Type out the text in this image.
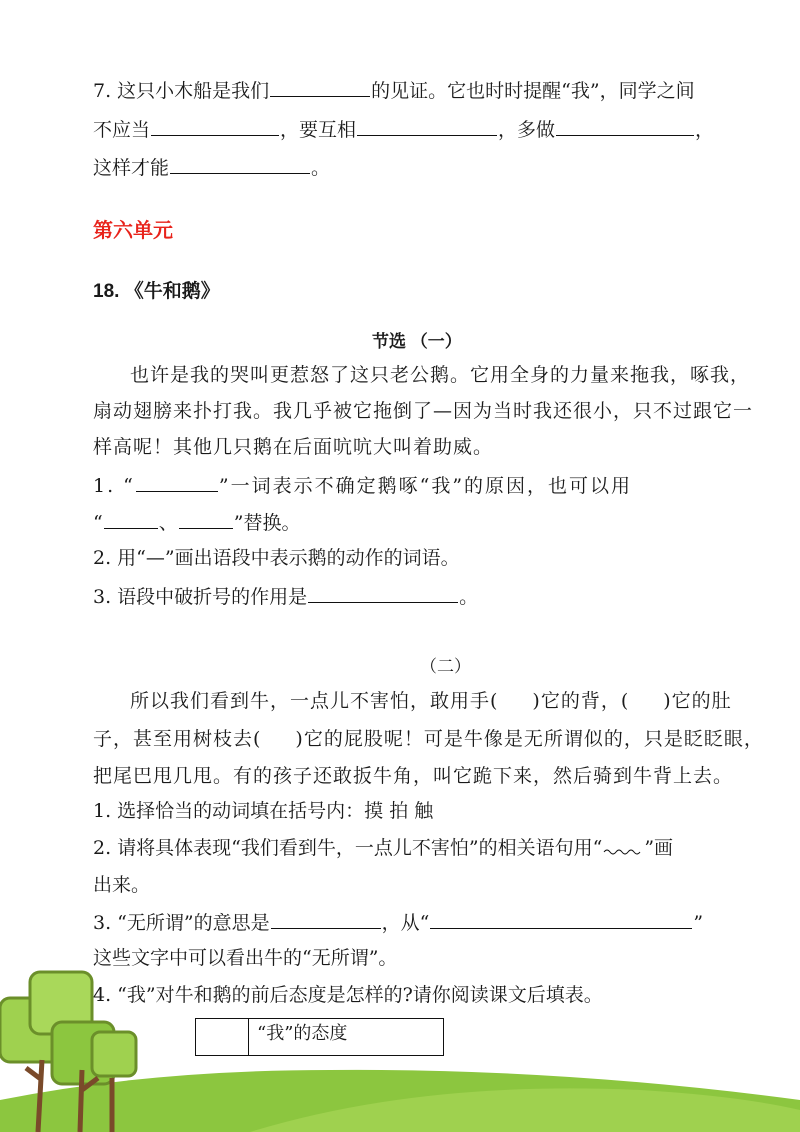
7. 这只小木船是我们	的见证。它也时时提醒“我”，同学之间
不应当	，要互相	，多做	，
这样才能	。
第六单元
18. 《牛和鹅》
节选 （一）
也许是我的哭叫更惹怒了这只老公鹅。它用全身的力量来拖我，啄我，
扇动翅膀来扑打我。我几乎被它拖倒了—因为当时我还很小，只不过跟它一
样高呢！其他几只鹅在后面吭吭大叫着助威。
1. “	”一词表示不确定鹅啄“我”的原因，也可以用
“	、	”替换。
2. 用“—”画出语段中表示鹅的动作的词语。
3. 语段中破折号的作用是	。
（二）
所以我们看到牛，一点儿不害怕，敢用手( )它的背，( )它的肚
子，甚至用树枝去( )它的屁股呢！可是牛像是无所谓似的，只是眨眨眼，
把尾巴甩几甩。有的孩子还敢扳牛角，叫它跪下来，然后骑到牛背上去。
1. 选择恰当的动词填在括号内：摸 拍 触
2. 请将具体表现“我们看到牛，一点儿不害怕”的相关语句用“ ”画
出来。
3. “无所谓”的意思是	，从“	”
这些文字中可以看出牛的“无所谓”。
4. “我”对牛和鹅的前后态度是怎样的?请你阅读课文后填表。
	“我”的态度
